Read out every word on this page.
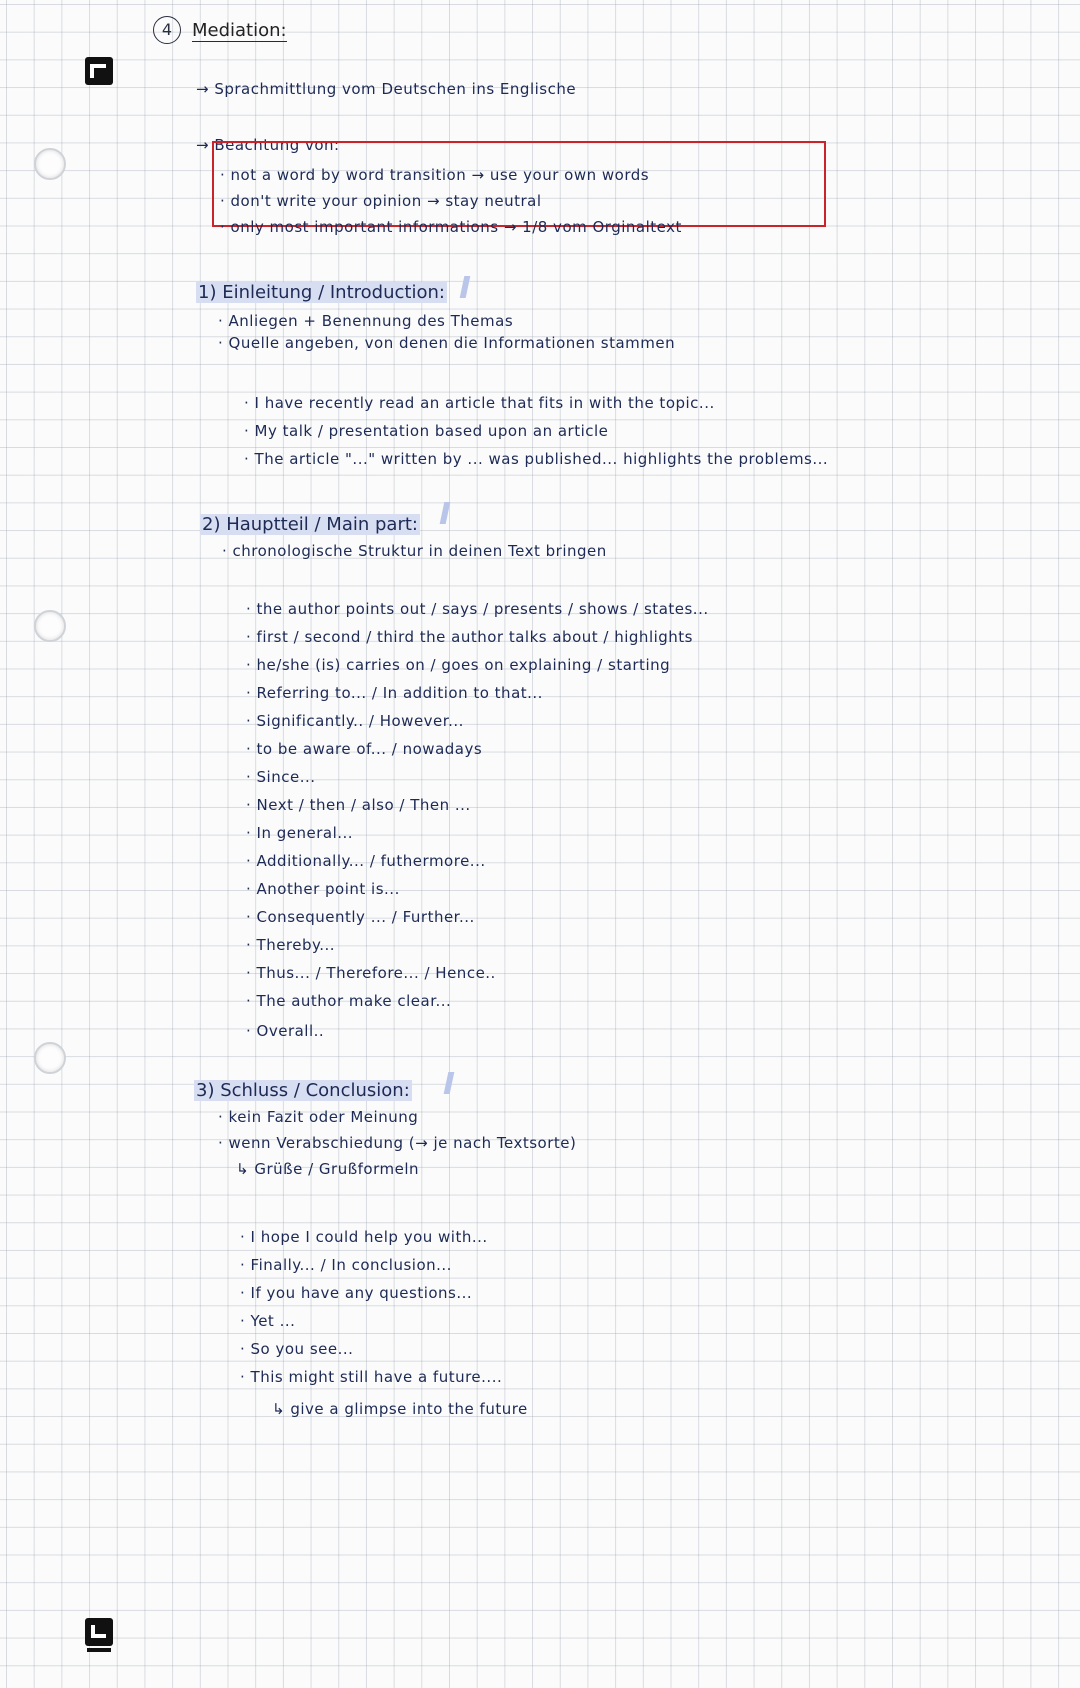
4	Mediation:
→ Sprachmittlung vom Deutschen ins Englische
→ Beachtung von:
· not a word by word transition → use your own words
· don't write your opinion → stay neutral
· only most important informations → 1/8 vom Orginaltext
1) Einleitung / Introduction:
· Anliegen + Benennung des Themas
· Quelle angeben, von denen die Informationen stammen
· I have recently read an article that fits in with the topic...
· My talk / presentation based upon an article
· The article "..." written by ... was published... highlights the problems...
2) Hauptteil / Main part:
· chronologische Struktur in deinen Text bringen
· the author points out / says / presents / shows / states...
· first / second / third the author talks about / highlights
· he/she (is) carries on / goes on explaining / starting
· Referring to... / In addition to that...
· Significantly.. / However...
· to be aware of... / nowadays
· Since...
· Next / then / also / Then ...
· In general...
· Additionally... / futhermore...
· Another point is...
· Consequently ... / Further...
· Thereby...
· Thus... / Therefore... / Hence..
· The author make clear...
· Overall..
3) Schluss / Conclusion:
· kein Fazit oder Meinung
· wenn Verabschiedung (→ je nach Textsorte)
↳ Grüße / Grußformeln
· I hope I could help you with...
· Finally... / In conclusion...
· If you have any questions...
· Yet ...
· So you see...
· This might still have a future....
↳ give a glimpse into the future
